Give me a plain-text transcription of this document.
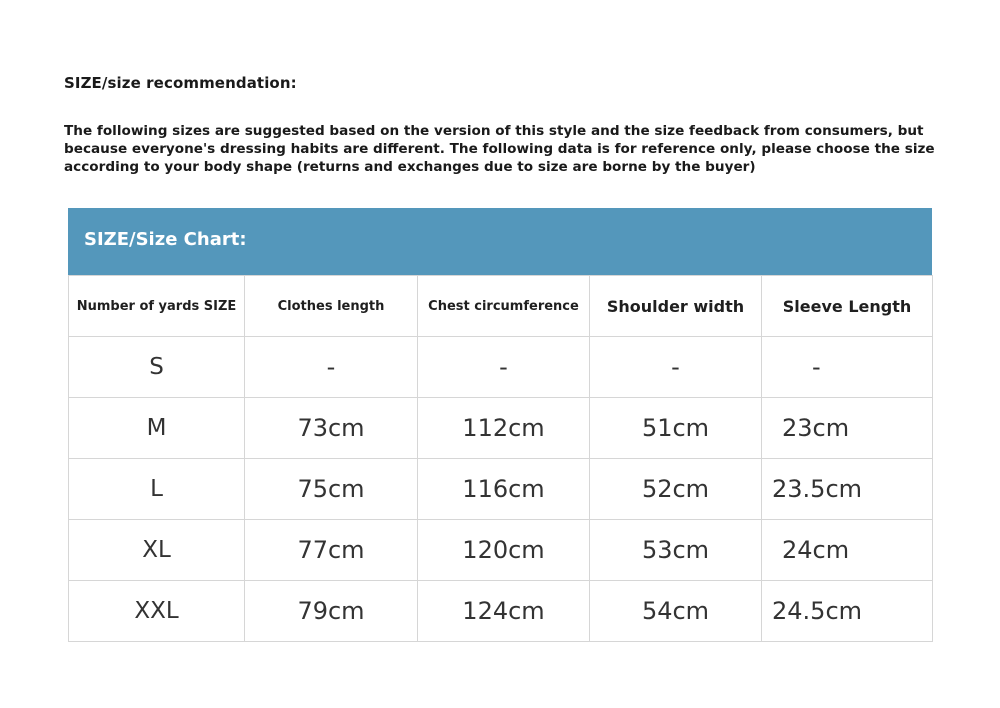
SIZE/size recommendation:
The following sizes are suggested based on the version of this style and the size feedback from consumers, but
because everyone's dressing habits are different. The following data is for reference only, please choose the size
according to your body shape (returns and exchanges due to size are borne by the buyer)
SIZE/Size Chart:
Number of yards SIZE	Clothes length	Chest circumference	Shoulder width	Sleeve Length
S	-	-	-	-
M	73cm	112cm	51cm	23cm
L	75cm	116cm	52cm	23.5cm
XL	77cm	120cm	53cm	24cm
XXL	79cm	124cm	54cm	24.5cm
